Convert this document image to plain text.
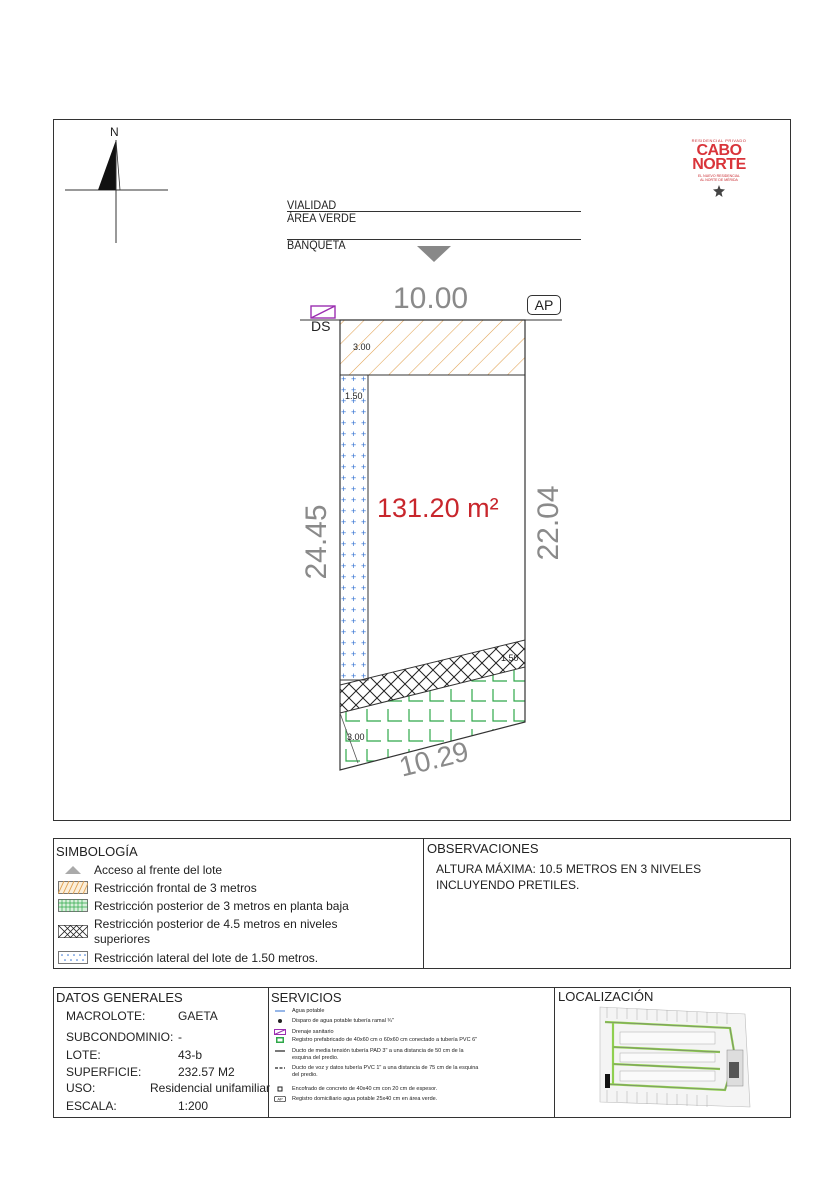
N
RESIDENCIAL PRIVADO
CABO
NORTE
EL NUEVO RESIDENCIAL
AL NORTE DE MÉRIDA
VIALIDAD
ÁREA VERDE
BANQUETA
DS
AP
10.00
3.00
1.50
131.20 m²
24.45	22.04
1.50
3.00 10.29
SIMBOLOGÍA
Acceso al frente del lote
Restricción frontal de 3 metros
Restricción posterior de 3 metros en planta baja
Restricción posterior de 4.5 metros en niveles
superiores
Restricción lateral del lote de 1.50 metros.
OBSERVACIONES
ALTURA MÁXIMA: 10.5 METROS EN 3 NIVELES
INCLUYENDO PRETILES.
DATOS GENERALES
MACROLOTE:	GAETA
SUBCONDOMINIO: -
LOTE:	43-b
SUPERFICIE:	232.57 M2
USO:	Residencial unifamiliar
ESCALA:	1:200
SERVICIOS
Agua potable
Disparo de agua potable tubería ramal ¾"
Drenaje sanitario
Registro prefabricado de 40x60 cm o 60x60 cm conectado a tubería PVC 6"
Ducto de media tensión tubería PAD 3" a una distancia de 50 cm de la
esquina del predio.
Ducto de voz y datos tubería PVC 1" a una distancia de 75 cm de la esquina
del predio.
Encofrado de concreto de 40x40 cm con 20 cm de espesor.
AP Registro domiciliario agua potable 25x40 cm en área verde.
LOCALIZACIÓN
